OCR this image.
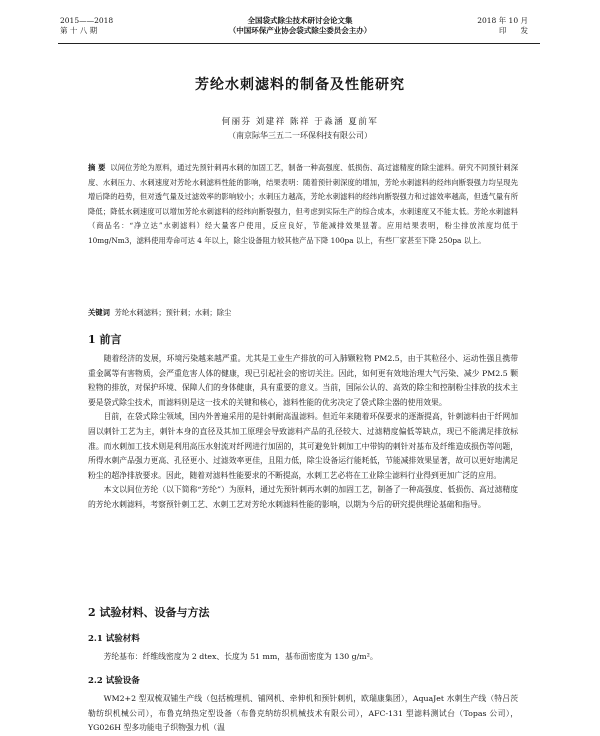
2015——2018
第 十 八 期
全国袋式除尘技术研讨会论文集
（中国环保产业协会袋式除尘委员会主办）
2018 年 10 月
印 发
芳纶水刺滤料的制备及性能研究
何丽芬 刘建祥 陈祥 于淼涵 夏前军
（南京际华三五二一环保科技有限公司）
摘 要 以间位芳纶为原料，通过先预针刺再水刺的加固工艺，制备一种高强度、低损伤、高过滤精度的除尘滤料。研究不同预针刺深度、水刺压力、水刺速度对芳纶水刺滤料性能的影响，结果表明：随着预针刺深度的增加，芳纶水刺滤料的经纬向断裂强力均呈现先增后降的趋势，但对透气量及过滤效率的影响较小；水刺压力越高，芳纶水刺滤料的经纬向断裂强力和过滤效率越高，但透气量有所降低；降低水刺速度可以增加芳纶水刺滤料的经纬向断裂强力，但考虑到实际生产的综合成本，水刺速度又不能太低。芳纶水刺滤料（商品名：“净立达”水刺滤料）经大量客户使用，反应良好，节能减排效果显著。应用结果表明，粉尘排放浓度均低于 10mg/Nm3，滤料使用寿命可达 4 年以上，除尘设备阻力较其他产品下降 100pa 以上，有些厂家甚至下降 250pa 以上。
关键词 芳纶水刺滤料；预针刺；水刺；除尘
1 前言

随着经济的发展，环境污染越来越严重。尤其是工业生产排放的可入肺颗粒物 PM2.5，由于其粒径小、运动性强且携带重金属等有害物质，会严重危害人体的健康，现已引起社会的密切关注。因此，如何更有效地治理大气污染、减少 PM2.5 颗粒物的排放，对保护环境、保障人们的身体健康，具有重要的意义。当前，国际公认的、高效的除尘和控制粉尘排放的技术主要是袋式除尘技术，而滤料则是这一技术的关键和核心，滤料性能的优劣决定了袋式除尘器的使用效果。

目前，在袋式除尘领域，国内外普遍采用的是针刺耐高温滤料。但近年来随着环保要求的逐渐提高，针刺滤料由于纤网加固以刺针工艺为主，刺针本身的直径及其加工原理会导致滤料产品的孔径较大、过滤精度偏低等缺点，现已不能满足排放标准。而水刺加工技术则是利用高压水射流对纤网进行加固的，其可避免针刺加工中带钩的刺针对基布及纤维造成损伤等问题，所得水刺产品强力更高、孔径更小、过滤效率更佳，且阻力低，除尘设备运行能耗低，节能减排效果显著，故可以更好地满足粉尘的超净排放要求。因此，随着对滤料性能要求的不断提高，水刺工艺必将在工业除尘滤料行业得到更加广泛的应用。

本文以间位芳纶（以下简称“芳纶”）为原料，通过先预针刺再水刺的加固工艺，制备了一种高强度、低损伤、高过滤精度的芳纶水刺滤料，考察预针刺工艺、水刺工艺对芳纶水刺滤料性能的影响，以期为今后的研究提供理论基础和指导。

2 试验材料、设备与方法
2.1 试验材料

芳纶基布：纤维线密度为 2 dtex、长度为 51 mm，基布面密度为 130 g/m²。

2.2 试验设备

WM2+2 型双梳双铺生产线（包括梳理机、铺网机、牵伸机和预针刺机，欧瑞康集团），AquaJet 水刺生产线（特吕茨勒纺织机械公司），布鲁克纳热定型设备（布鲁克纳纺织机械技术有限公司），AFC-131 型滤料测试台（Topas 公司），YG026H 型多功能电子织物强力机（温
